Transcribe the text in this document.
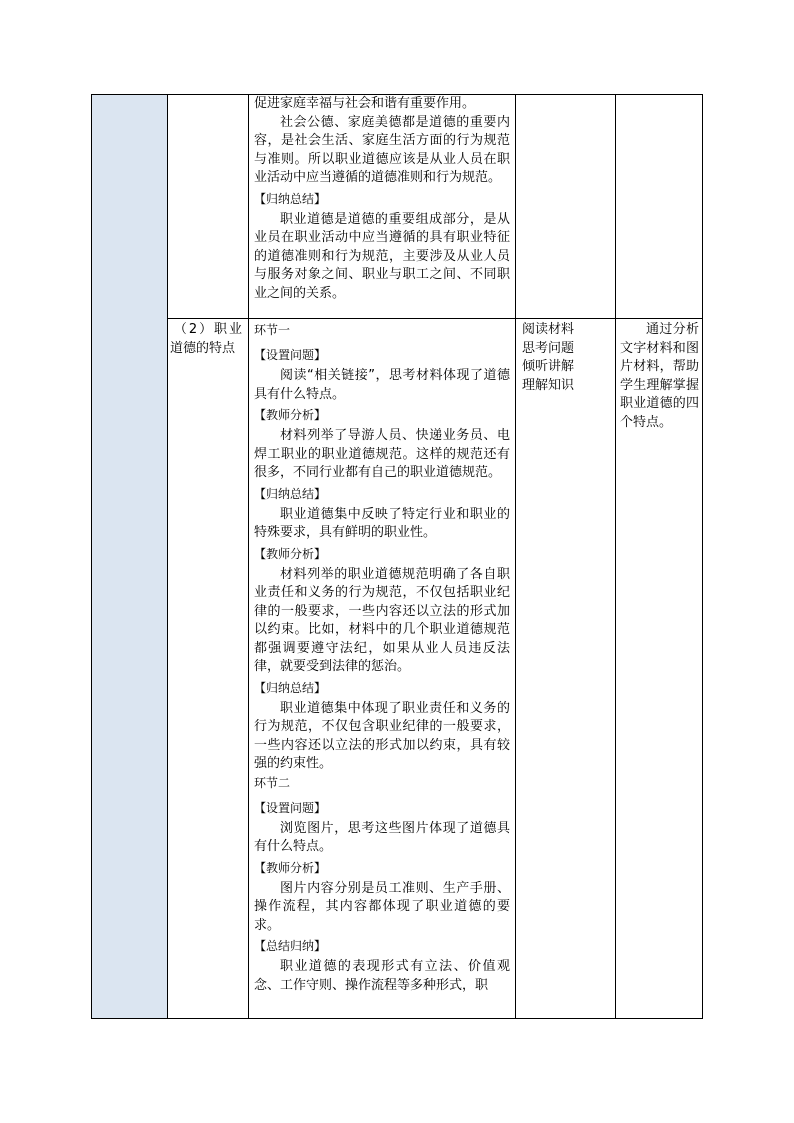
促进家庭幸福与社会和谐有重要作用。

社会公德、家庭美德都是道德的重要内容，是社会生活、家庭生活方面的行为规范与准则。所以职业道德应该是从业人员在职业活动中应当遵循的道德准则和行为规范。

【归纳总结】

职业道德是道德的重要组成部分，是从业员在职业活动中应当遵循的具有职业特征的道德准则和行为规范，主要涉及从业人员与服务对象之间、职业与职工之间、不同职业之间的关系。

（2）职业道德的特点

环节一

【设置问题】

阅读“相关链接”，思考材料体现了道德具有什么特点。

【教师分析】

材料列举了导游人员、快递业务员、电焊工职业的职业道德规范。这样的规范还有很多，不同行业都有自己的职业道德规范。

【归纳总结】

职业道德集中反映了特定行业和职业的特殊要求，具有鲜明的职业性。

【教师分析】

材料列举的职业道德规范明确了各自职业责任和义务的行为规范，不仅包括职业纪律的一般要求，一些内容还以立法的形式加以约束。比如，材料中的几个职业道德规范都强调要遵守法纪，如果从业人员违反法律，就要受到法律的惩治。

【归纳总结】

职业道德集中体现了职业责任和义务的行为规范，不仅包含职业纪律的一般要求，一些内容还以立法的形式加以约束，具有较强的约束性。

环节二

【设置问题】

浏览图片，思考这些图片体现了道德具有什么特点。

【教师分析】

图片内容分别是员工准则、生产手册、操作流程，其内容都体现了职业道德的要求。

【总结归纳】

职业道德的表现形式有立法、价值观念、工作守则、操作流程等多种形式，职

阅读材料
思考问题
倾听讲解
理解知识

通过分析文字材料和图片材料，帮助学生理解掌握职业道德的四个特点。
